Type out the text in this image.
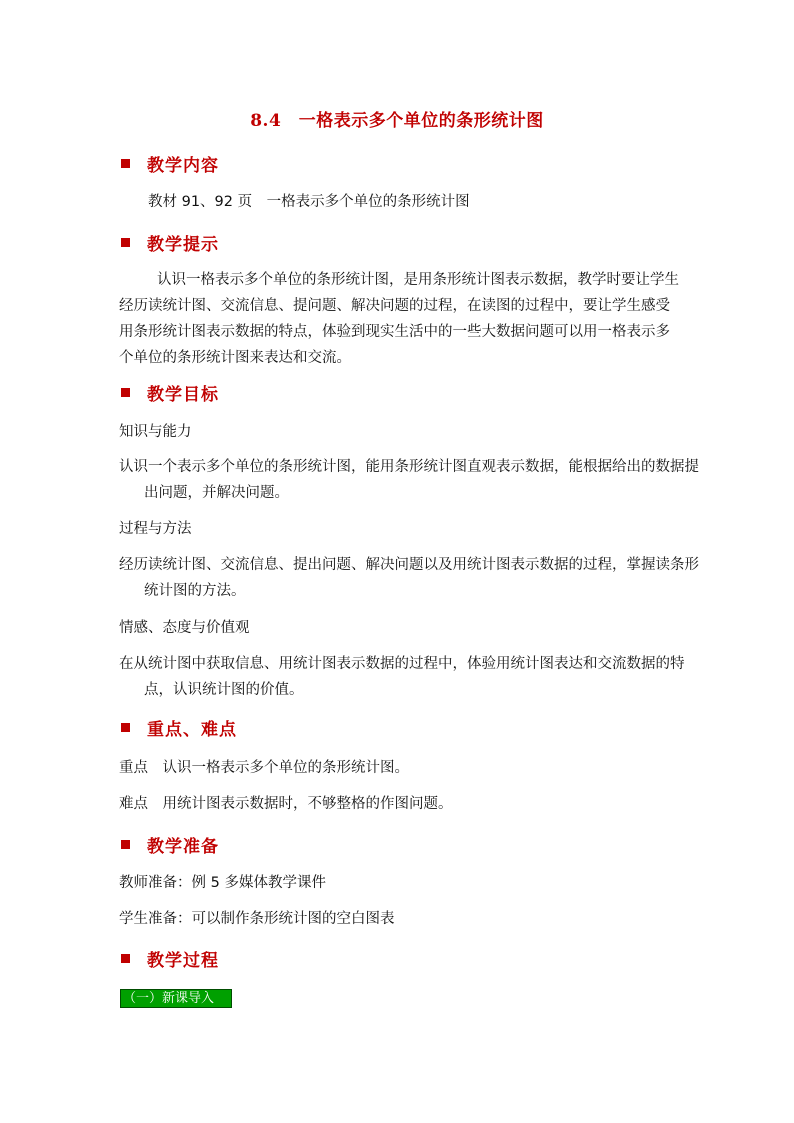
8.4　一格表示多个单位的条形统计图
教学内容
教材 91、92 页　一格表示多个单位的条形统计图
教学提示
认识一格表示多个单位的条形统计图，是用条形统计图表示数据，教学时要让学生经历读统计图、交流信息、提问题、解决问题的过程，在读图的过程中，要让学生感受用条形统计图表示数据的特点，体验到现实生活中的一些大数据问题可以用一格表示多个单位的条形统计图来表达和交流。
教学目标
知识与能力
认识一个表示多个单位的条形统计图，能用条形统计图直观表示数据，能根据给出的数据提出问题，并解决问题。
过程与方法
经历读统计图、交流信息、提出问题、解决问题以及用统计图表示数据的过程，掌握读条形统计图的方法。
情感、态度与价值观
在从统计图中获取信息、用统计图表示数据的过程中，体验用统计图表达和交流数据的特点，认识统计图的价值。
重点、难点
重点　认识一格表示多个单位的条形统计图。
难点　用统计图表示数据时，不够整格的作图问题。
教学准备
教师准备：例 5 多媒体教学课件
学生准备：可以制作条形统计图的空白图表
教学过程
（一）新课导入
